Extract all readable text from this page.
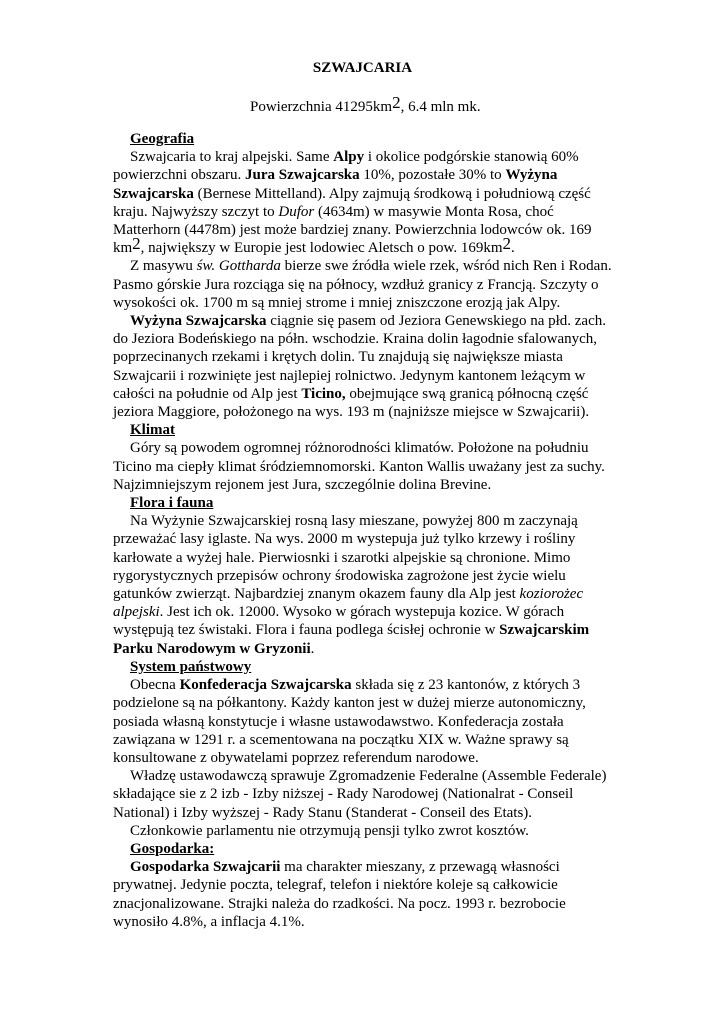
SZWAJCARIA
Powierzchnia $41295km^2$, 6.4 mln mk.
Geografia

Szwajcaria to kraj alpejski. Same Alpy i okolice podgórskie stanowią 60% powierzchni obszaru. Jura Szwajcarska 10%, pozostałe 30% to Wyżyna Szwajcarska (Bernese Mittelland). Alpy zajmują środkową i południową część kraju. Najwyższy szczyt to Dufor (4634m) w masywie Monta Rosa, choć Matterhorn (4478m) jest może bardziej znany. Powierzchnia lodowców ok. 169 $km^2$, największy w Europie jest lodowiec Aletsch o pow. $169km^2$.

Z masywu św. Gottharda bierze swe źródła wiele rzek, wśród nich Ren i Rodan. Pasmo górskie Jura rozciąga się na północy, wzdłuż granicy z Francją. Szczyty o wysokości ok. 1700 m są mniej strome i mniej zniszczone erozją jak Alpy.

Wyżyna Szwajcarska ciągnie się pasem od Jeziora Genewskiego na płd. zach. do Jeziora Bodeńskiego na półn. wschodzie. Kraina dolin łagodnie sfalowanych, poprzecinanych rzekami i krętych dolin. Tu znajdują się największe miasta Szwajcarii i rozwinięte jest najlepiej rolnictwo. Jedynym kantonem leżącym w całości na południe od Alp jest Ticino, obejmujące swą granicą północną część jeziora Maggiore, położonego na wys. 193 m (najniższe miejsce w Szwajcarii).

Klimat

Góry są powodem ogromnej różnorodności klimatów. Położone na południu Ticino ma ciepły klimat śródziemnomorski. Kanton Wallis uważany jest za suchy. Najzimniejszym rejonem jest Jura, szczególnie dolina Brevine.

Flora i fauna

Na Wyżynie Szwajcarskiej rosną lasy mieszane, powyżej 800 m zaczynają przeważać lasy iglaste. Na wys. 2000 m wystepuja już tylko krzewy i rośliny karłowate a wyżej hale. Pierwiosnki i szarotki alpejskie są chronione. Mimo rygorystycznych przepisów ochrony środowiska zagrożone jest życie wielu gatunków zwierząt. Najbardziej znanym okazem fauny dla Alp jest koziorożec alpejski. Jest ich ok. 12000. Wysoko w górach wystepuja kozice. W górach występują tez świstaki. Flora i fauna podlega ścisłej ochronie w Szwajcarskim Parku Narodowym w Gryzonii.

System państwowy

Obecna Konfederacja Szwajcarska składa się z 23 kantonów, z których 3 podzielone są na półkantony. Każdy kanton jest w dużej mierze autonomiczny, posiada własną konstytucje i własne ustawodawstwo. Konfederacja została zawiązana w 1291 r. a scementowana na początku XIX w. Ważne sprawy są konsultowane z obywatelami poprzez referendum narodowe.

Władzę ustawodawczą sprawuje Zgromadzenie Federalne (Assemble Federale) składające sie z 2 izb - Izby niższej - Rady Narodowej (Nationalrat - Conseil National) i Izby wyższej - Rady Stanu (Standerat - Conseil des Etats).

Członkowie parlamentu nie otrzymują pensji tylko zwrot kosztów.

Gospodarka:

Gospodarka Szwajcarii ma charakter mieszany, z przewagą własności prywatnej. Jedynie poczta, telegraf, telefon i niektóre koleje są całkowicie znacjonalizowane. Strajki należa do rzadkości. Na pocz. 1993 r. bezrobocie wynosiło 4.8%, a inflacja 4.1%.
